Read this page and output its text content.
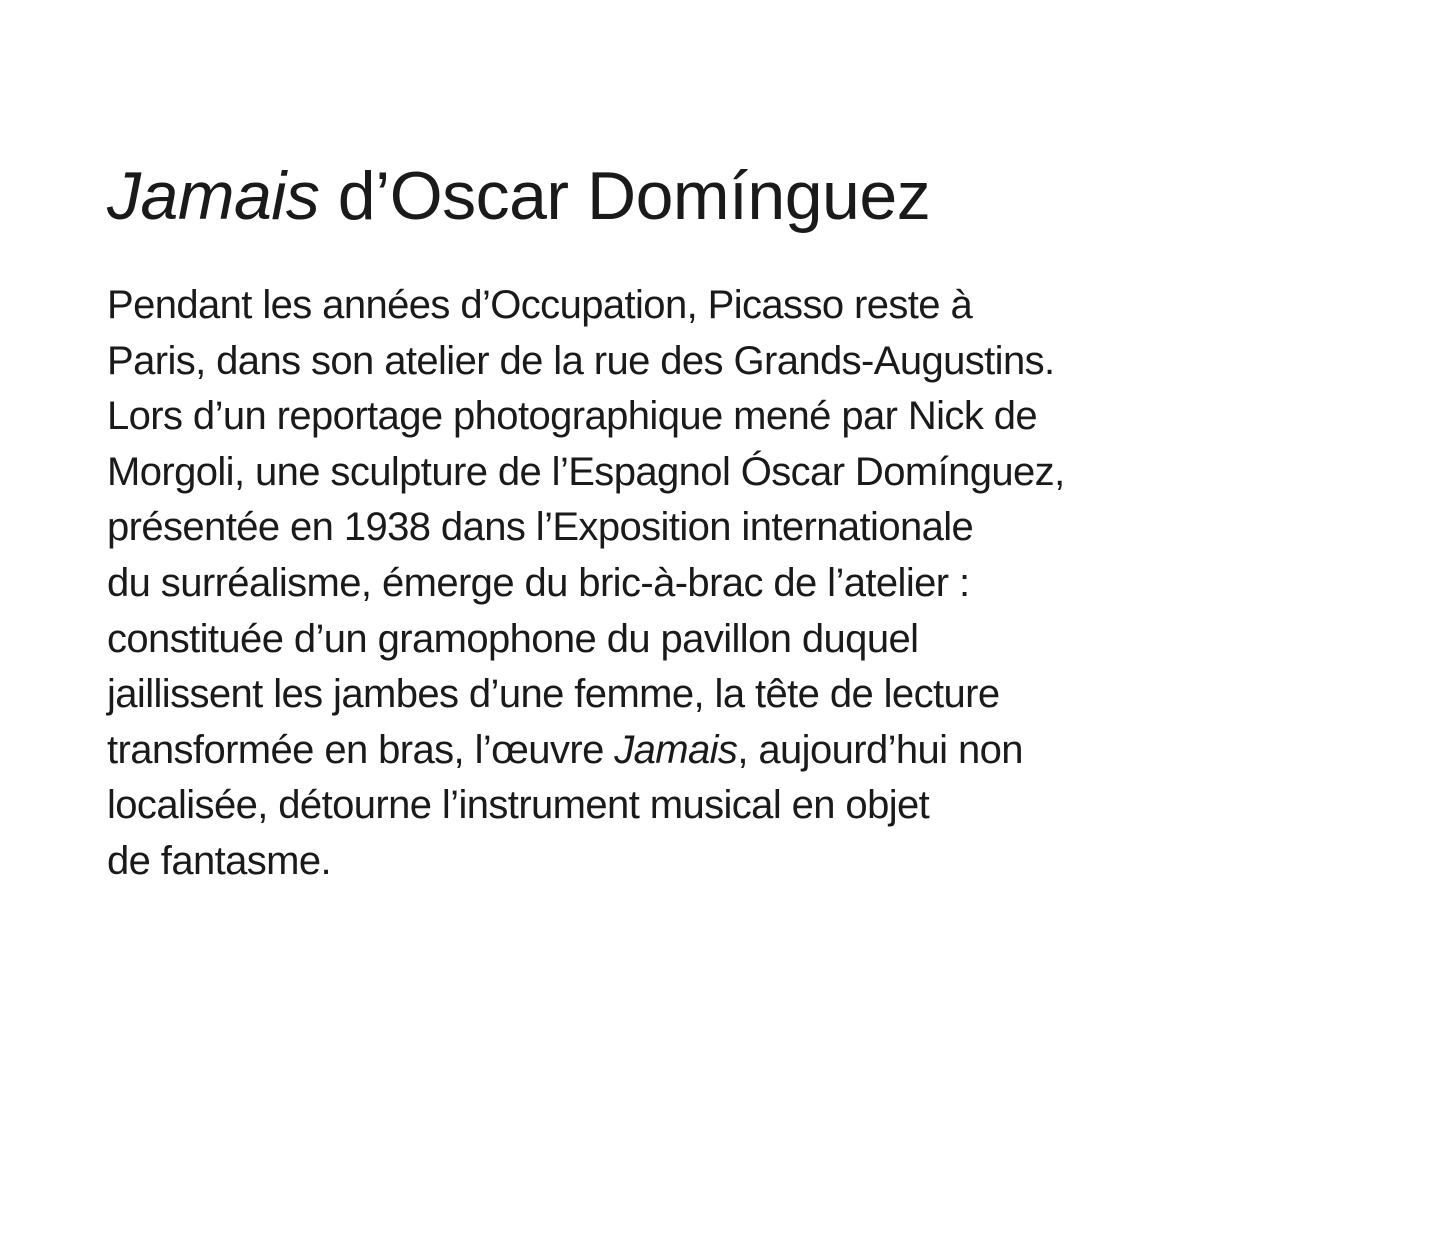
Jamais d’Oscar Domínguez

Pendant les années d’Occupation, Picasso reste à
Paris, dans son atelier de la rue des Grands-Augustins.
Lors d’un reportage photographique mené par Nick de
Morgoli, une sculpture de l’Espagnol Óscar Domínguez,
présentée en 1938 dans l’Exposition internationale
du surréalisme, émerge du bric-à-brac de l’atelier :
constituée d’un gramophone du pavillon duquel
jaillissent les jambes d’une femme, la tête de lecture
transformée en bras, l’œuvre Jamais, aujourd’hui non
localisée, détourne l’instrument musical en objet
de fantasme.
